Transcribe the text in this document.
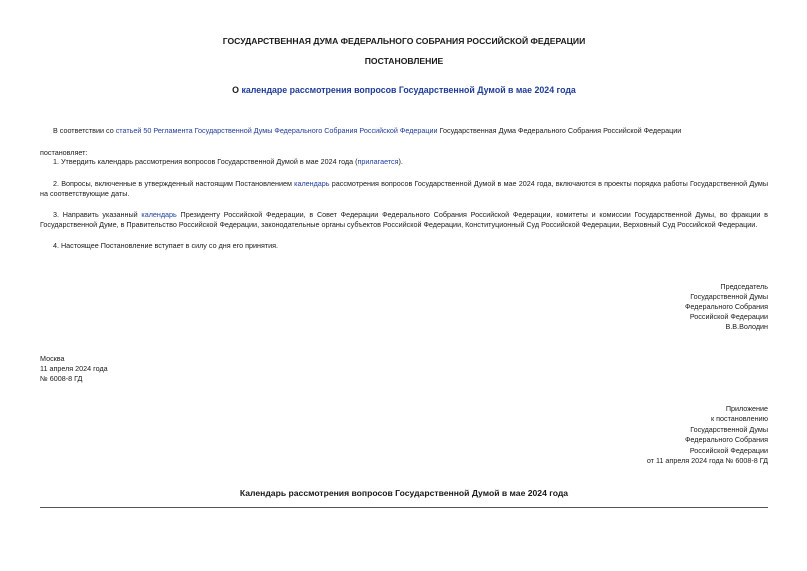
ГОСУДАРСТВЕННАЯ ДУМА ФЕДЕРАЛЬНОГО СОБРАНИЯ РОССИЙСКОЙ ФЕДЕРАЦИИ
ПОСТАНОВЛЕНИЕ
О календаре рассмотрения вопросов Государственной Думой в мае 2024 года
В соответствии со статьей 50 Регламента Государственной Думы Федерального Собрания Российской Федерации Государственная Дума Федерального Собрания Российской Федерации
постановляет:
1. Утвердить календарь рассмотрения вопросов Государственной Думой в мае 2024 года (прилагается).
2. Вопросы, включенные в утвержденный настоящим Постановлением календарь рассмотрения вопросов Государственной Думой в мае 2024 года, включаются в проекты порядка работы Государственной Думы на соответствующие даты.
3. Направить указанный календарь Президенту Российской Федерации, в Совет Федерации Федерального Собрания Российской Федерации, комитеты и комиссии Государственной Думы, во фракции в Государственной Думе, в Правительство Российской Федерации, законодательные органы субъектов Российской Федерации, Конституционный Суд Российской Федерации, Верховный Суд Российской Федерации.
4. Настоящее Постановление вступает в силу со дня его принятия.
Председатель
Государственной Думы
Федерального Собрания
Российской Федерации
В.В.Володин
Москва
11 апреля 2024 года
№ 6008-8 ГД
Приложение
к постановлению
Государственной Думы
Федерального Собрания
Российской Федерации
от 11 апреля 2024 года № 6008-8 ГД
Календарь рассмотрения вопросов Государственной Думой в мае 2024 года
